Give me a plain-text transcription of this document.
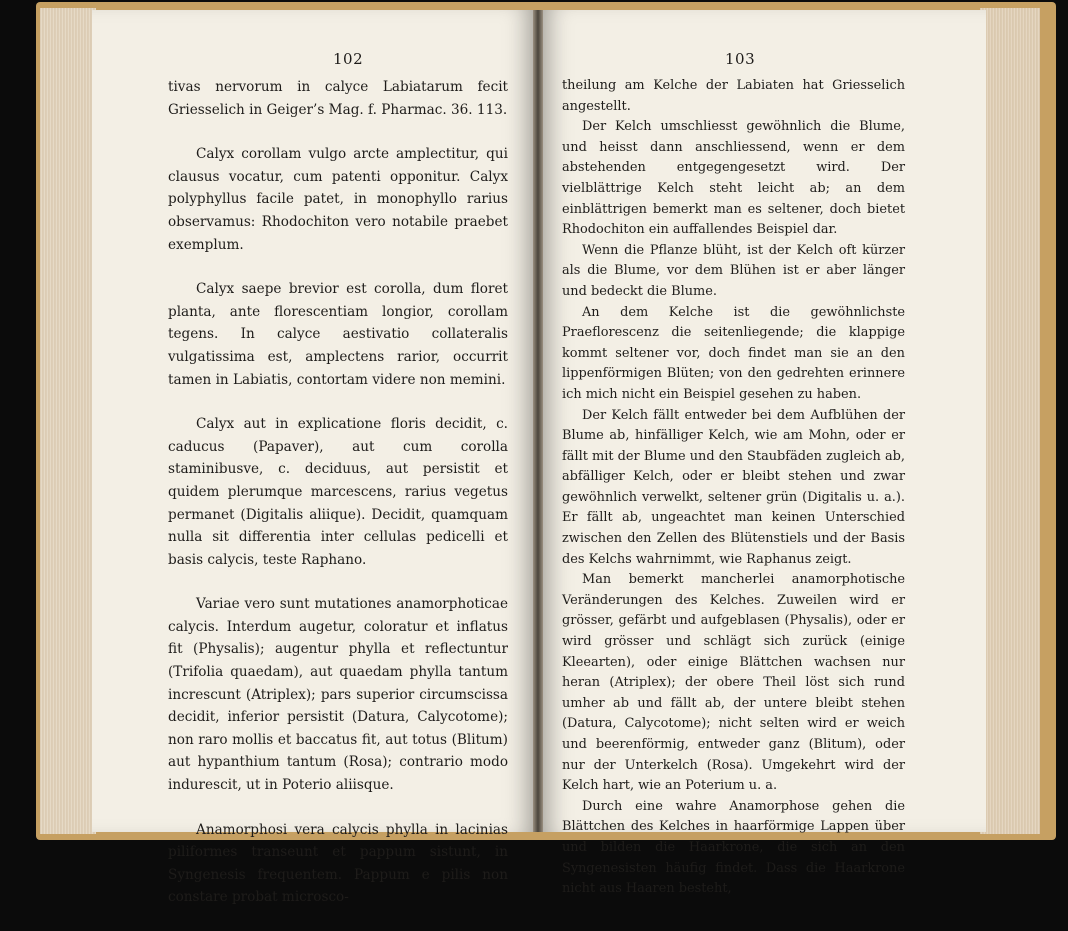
102

tivas nervorum in calyce Labiatarum fecit Griesselich in Geiger’s Mag. f. Pharmac. 36. 113.

Calyx corollam vulgo arcte amplectitur, qui clausus vocatur, cum patenti opponitur. Calyx polyphyllus facile patet, in monophyllo rarius observamus: Rhodochiton vero notabile praebet exemplum.

Calyx saepe brevior est corolla, dum floret planta, ante florescentiam longior, corollam tegens. In calyce aestivatio collateralis vulgatissima est, amplectens rarior, occurrit tamen in Labiatis, contortam videre non memini.

Calyx aut in explicatione floris decidit, c. caducus (Papaver), aut cum corolla staminibusve, c. deciduus, aut persistit et quidem plerumque marcescens, rarius vegetus permanet (Digitalis aliique). Decidit, quamquam nulla sit differentia inter cellulas pedicelli et basis calycis, teste Raphano.

Variae vero sunt mutationes anamorphoticae calycis. Interdum augetur, coloratur et inflatus fit (Physalis); augentur phylla et reflectuntur (Trifolia quaedam), aut quaedam phylla tantum increscunt (Atriplex); pars superior circumscissa decidit, inferior persistit (Datura, Calycotome); non raro mollis et baccatus fit, aut totus (Blitum) aut hypanthium tantum (Rosa); contrario modo indurescit, ut in Poterio aliisque.

Anamorphosi vera calycis phylla in lacinias piliformes transeunt et pappum sistunt, in Syngenesis frequentem. Pappum e pilis non constare probat microsco-

103

theilung am Kelche der Labiaten hat Griesselich angestellt.

Der Kelch umschliesst gewöhnlich die Blume, und heisst dann anschliessend, wenn er dem abstehenden entgegengesetzt wird. Der vielblättrige Kelch steht leicht ab; an dem einblättrigen bemerkt man es seltener, doch bietet Rhodochiton ein auffallendes Beispiel dar.

Wenn die Pflanze blüht, ist der Kelch oft kürzer als die Blume, vor dem Blühen ist er aber länger und bedeckt die Blume.

An dem Kelche ist die gewöhnlichste Praeflorescenz die seitenliegende; die klappige kommt seltener vor, doch findet man sie an den lippenförmigen Blüten; von den gedrehten erinnere ich mich nicht ein Beispiel gesehen zu haben.

Der Kelch fällt entweder bei dem Aufblühen der Blume ab, hinfälliger Kelch, wie am Mohn, oder er fällt mit der Blume und den Staubfäden zugleich ab, abfälliger Kelch, oder er bleibt stehen und zwar gewöhnlich verwelkt, seltener grün (Digitalis u. a.). Er fällt ab, ungeachtet man keinen Unterschied zwischen den Zellen des Blütenstiels und der Basis des Kelchs wahrnimmt, wie Raphanus zeigt.

Man bemerkt mancherlei anamorphotische Veränderungen des Kelches. Zuweilen wird er grösser, gefärbt und aufgeblasen (Physalis), oder er wird grösser und schlägt sich zurück (einige Kleearten), oder einige Blättchen wachsen nur heran (Atriplex); der obere Theil löst sich rund umher ab und fällt ab, der untere bleibt stehen (Datura, Calycotome); nicht selten wird er weich und beerenförmig, entweder ganz (Blitum), oder nur der Unterkelch (Rosa). Umgekehrt wird der Kelch hart, wie an Poterium u. a.

Durch eine wahre Anamorphose gehen die Blättchen des Kelches in haarförmige Lappen über und bilden die Haarkrone, die sich an den Syngenesisten häufig findet. Dass die Haarkrone nicht aus Haaren besteht,
